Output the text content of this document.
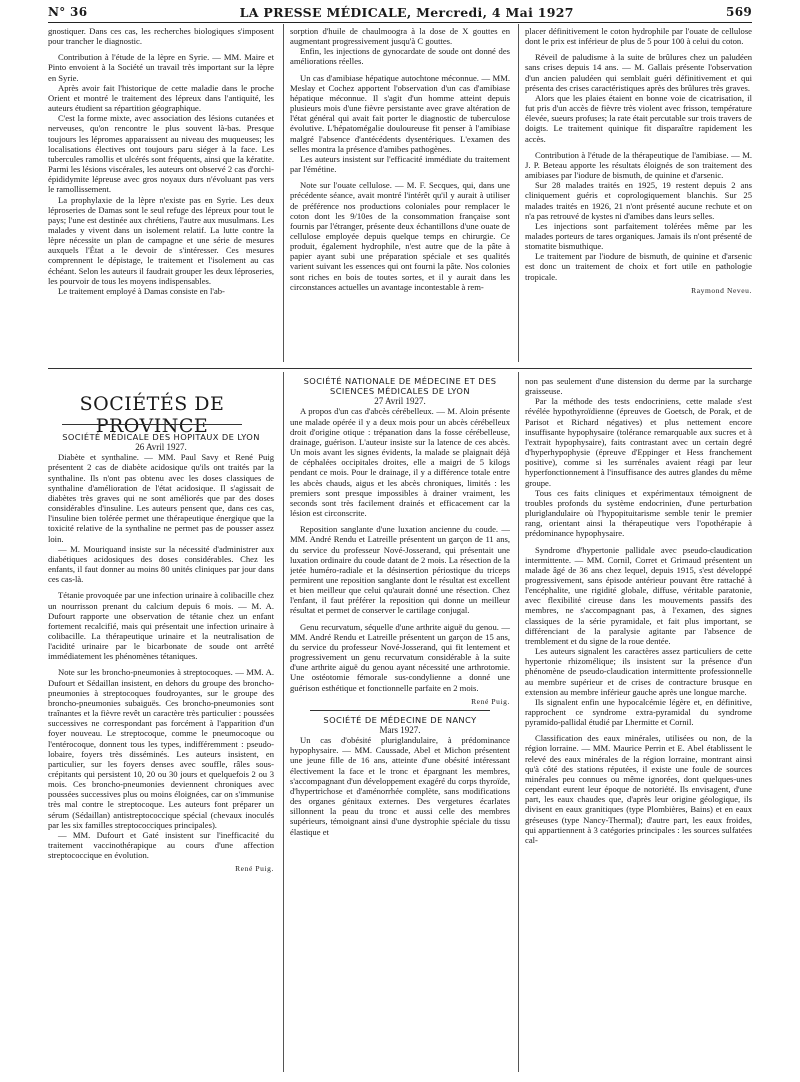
N° 36	LA PRESSE MÉDICALE, Mercredi, 4 Mai 1927	569

gnostiquer. Dans ces cas, les recherches biologiques s'imposent pour trancher le diagnostic.

Contribution à l'étude de la lèpre en Syrie. — MM. Maire et Pinto envoient à la Société un travail très important sur la lèpre en Syrie.

Après avoir fait l'historique de cette maladie dans le proche Orient et montré le traitement des lépreux dans l'antiquité, les auteurs étudient sa répartition géographique.

C'est la forme mixte, avec association des lésions cutanées et nerveuses, qu'on rencontre le plus souvent là-bas. Presque toujours les lépromes apparaissent au niveau des muqueuses; les localisations électives ont toujours paru siéger à la face. Les tubercules ramollis et ulcérés sont fréquents, ainsi que la kératite. Parmi les lésions viscérales, les auteurs ont observé 2 cas d'orchi-épididymite lépreuse avec gros noyaux durs n'évoluant pas vers le ramollissement.

La prophylaxie de la lèpre n'existe pas en Syrie. Les deux léproseries de Damas sont le seul refuge des lépreux pour tout le pays; l'une est destinée aux chrétiens, l'autre aux musulmans. Les malades y vivent dans un isolement relatif. La lutte contre la lèpre nécessite un plan de campagne et une série de mesures auxquels l'État a le devoir de s'intéresser. Ces mesures comprennent le dépistage, le traitement et l'isolement au cas échéant. Selon les auteurs il faudrait grouper les deux léproseries, les pourvoir de tous les moyens indispensables.

Le traitement employé à Damas consiste en l'ab-

sorption d'huile de chaulmoogra à la dose de X gouttes en augmentant progressivement jusqu'à C gouttes.

Enfin, les injections de gynocardate de soude ont donné des améliorations réelles.

Un cas d'amibiase hépatique autochtone méconnue. — MM. Meslay et Cochez apportent l'observation d'un cas d'amibiase hépatique méconnue. Il s'agit d'un homme atteint depuis plusieurs mois d'une fièvre persistante avec grave altération de l'état général qui avait fait porter le diagnostic de tuberculose évolutive. L'hépatomégalie douloureuse fit penser à l'amibiase malgré l'absence d'antécédents dysentériques. L'examen des selles montra la présence d'amibes pathogènes.

Les auteurs insistent sur l'efficacité immédiate du traitement par l'émétine.

Note sur l'ouate cellulose. — M. F. Secques, qui, dans une précédente séance, avait montré l'intérêt qu'il y aurait à utiliser de préférence nos productions coloniales pour remplacer le coton dont les 9/10es de la consommation française sont fournis par l'étranger, présente deux échantillons d'une ouate de cellulose employée depuis quelque temps en chirurgie. Ce produit, également hydrophile, n'est autre que de la pâte à papier ayant subi une préparation spéciale et ses qualités varient suivant les essences qui ont fourni la pâte. Nos colonies sont riches en bois de toutes sortes, et il y aurait dans les circonstances actuelles un avantage incontestable à rem-

placer définitivement le coton hydrophile par l'ouate de cellulose dont le prix est inférieur de plus de 5 pour 100 à celui du coton.

Réveil de paludisme à la suite de brûlures chez un paludéen sans crises depuis 14 ans. — M. Gallais présente l'observation d'un ancien paludéen qui semblait guéri définitivement et qui présenta des crises caractéristiques après des brûlures très graves.

Alors que les plaies étaient en bonne voie de cicatrisation, il fut pris d'un accès de fièvre très violent avec frisson, température élevée, sueurs profuses; la rate était percutable sur trois travers de doigts. Le traitement quinique fit disparaître rapidement les accès.

Contribution à l'étude de la thérapeutique de l'amibiase. — M. J. P. Beteau apporte les résultats éloignés de son traitement des amibiases par l'iodure de bismuth, de quinine et d'arsenic.

Sur 28 malades traités en 1925, 19 restent depuis 2 ans cliniquement guéris et coprologiquement blanchis. Sur 25 malades traités en 1926, 21 n'ont présenté aucune rechute et on n'a pas retrouvé de kystes ni d'amibes dans leurs selles.

Les injections sont parfaitement tolérées même par les malades porteurs de tares organiques. Jamais ils n'ont présenté de stomatite bismuthique.

Le traitement par l'iodure de bismuth, de quinine et d'arsenic est donc un traitement de choix et fort utile en pathologie tropicale.

Raymond Neveu.

SOCIÉTÉS DE PROVINCE

SOCIÉTÉ MÉDICALE DES HOPITAUX DE LYON

26 Avril 1927.

Diabète et synthaline. — MM. Paul Savy et René Puig présentent 2 cas de diabète acidosique qu'ils ont traités par la synthaline. Ils n'ont pas obtenu avec les doses classiques de synthaline d'amélioration de l'état acidosique. Il s'agissait de diabètes très graves qui ne sont améliorés que par des doses considérables d'insuline. Les auteurs pensent que, dans ces cas, l'insuline bien tolérée permet une thérapeutique énergique que la toxicité relative de la synthaline ne permet pas de pousser assez loin.

— M. Mouriquand insiste sur la nécessité d'administrer aux diabétiques acidosiques des doses considérables. Chez les enfants, il faut donner au moins 80 unités cliniques par jour dans ces cas-là.

Tétanie provoquée par une infection urinaire à colibacille chez un nourrisson prenant du calcium depuis 6 mois. — M. A. Dufourt rapporte une observation de tétanie chez un enfant fortement recalcifié, mais qui présentait une infection urinaire à colibacille. La thérapeutique urinaire et la neutralisation de l'acidité urinaire par le bicarbonate de soude ont arrêté immédiatement les phénomènes tétaniques.

Note sur les broncho-pneumonies à streptocoques. — MM. A. Dufourt et Sédaillan insistent, en dehors du groupe des broncho-pneumonies à streptocoques foudroyantes, sur le groupe des broncho-pneumonies subaiguës. Ces broncho-pneumonies sont traînantes et la fièvre revêt un caractère très particulier : poussées successives ne correspondant pas forcément à l'apparition d'un foyer nouveau. Le streptocoque, comme le pneumocoque ou l'entérocoque, donnent tous les types, indifféremment : pseudo-lobaire, foyers très disséminés. Les auteurs insistent, en particulier, sur les foyers denses avec souffle, râles sous-crépitants qui persistent 10, 20 ou 30 jours et quelquefois 2 ou 3 mois. Ces broncho-pneumonies deviennent chroniques avec poussées successives plus ou moins éloignées, car on s'immunise très mal contre le streptocoque. Les auteurs font préparer un sérum (Sédaillan) antistreptococcique spécial (chevaux inoculés par les six familles streptococciques principales).

— MM. Dufourt et Gaté insistent sur l'inefficacité du traitement vaccinothérapique au cours d'une affection streptococcique en évolution.

René Puig.

SOCIÉTÉ NATIONALE DE MÉDECINE ET DES SCIENCES MÉDICALES DE LYON

27 Avril 1927.

A propos d'un cas d'abcès cérébelleux. — M. Aloin présente une malade opérée il y a deux mois pour un abcès cérébelleux droit d'origine otique : trépanation dans la fosse cérébelleuse, drainage, guérison. L'auteur insiste sur la latence de ces abcès. Un mois avant les signes évidents, la malade se plaignait déjà de céphalées occipitales droites, elle a maigri de 5 kilogs pendant ce mois. Pour le drainage, il y a différence totale entre les abcès chauds, aigus et les abcès chroniques, limités : les premiers sont presque impossibles à drainer vraiment, les seconds sont très facilement drainés et efficacement car la lésion est circonscrite.

Reposition sanglante d'une luxation ancienne du coude. — MM. André Rendu et Latreille présentent un garçon de 11 ans, du service du professeur Nové-Josserand, qui présentait une luxation ordinaire du coude datant de 2 mois. La résection de la jetée huméro-radiale et la désinsertion périostique du triceps permirent une reposition sanglante dont le résultat est excellent et bien meilleur que celui qu'aurait donné une résection. Chez l'enfant, il faut préférer la reposition qui donne un meilleur résultat et permet de conserver le cartilage conjugal.

Genu recurvatum, séquelle d'une arthrite aiguë du genou. — MM. André Rendu et Latreille présentent un garçon de 15 ans, du service du professeur Nové-Josserand, qui fit lentement et progressivement un genu recurvatum considérable à la suite d'une arthrite aiguë du genou ayant nécessité une arthrotomie. Une ostéotomie fémorale sus-condylienne a donné une guérison esthétique et fonctionnelle parfaite en 2 mois.

René Puig.

SOCIÉTÉ DE MÉDECINE DE NANCY

Mars 1927.

Un cas d'obésité pluriglandulaire, à prédominance hypophysaire. — MM. Caussade, Abel et Michon présentent une jeune fille de 16 ans, atteinte d'une obésité intéressant électivement la face et le tronc et épargnant les membres, s'accompagnant d'un développement exagéré du corps thyroïde, d'hypertrichose et d'aménorrhée complète, sans modifications des organes génitaux externes. Des vergetures écarlates sillonnent la peau du tronc et aussi celle des membres supérieurs, témoignant ainsi d'une dystrophie spéciale du tissu élastique et

non pas seulement d'une distension du derme par la surcharge graisseuse.

Par la méthode des tests endocriniens, cette malade s'est révélée hypothyroïdienne (épreuves de Goetsch, de Porak, et de Parisot et Richard négatives) et plus nettement encore insuffisante hypophysaire (tolérance remarquable aux sucres et à l'extrait hypophysaire), faits contrastant avec un certain degré d'hyperhypophysie (épreuve d'Eppinger et Hess franchement positive), comme si les surrénales avaient réagi par leur hyperfonctionnement à l'insuffisance des autres glandes du même groupe.

Tous ces faits cliniques et expérimentaux témoignent de troubles profonds du système endocrinien, d'une perturbation pluriglandulaire où l'hypopituitarisme semble tenir le premier rang, orientant ainsi la thérapeutique vers l'opothérapie à prédominance hypophysaire.

Syndrome d'hypertonie pallidale avec pseudo-claudication intermittente. — MM. Cornil, Corret et Grimaud présentent un malade âgé de 36 ans chez lequel, depuis 1915, s'est développé progressivement, sans épisode antérieur pouvant être rattaché à l'encéphalite, une rigidité globale, diffuse, véritable paratonie, avec flexibilité cireuse dans les mouvements passifs des membres, ne s'accompagnant pas, à l'examen, des signes classiques de la série pyramidale, et fait plus important, se différenciant de la paralysie agitante par l'absence de tremblement et du signe de la roue dentée.

Les auteurs signalent les caractères assez particuliers de cette hypertonie rhizomélique; ils insistent sur la présence d'un phénomène de pseudo-claudication intermittente professionnelle au membre supérieur et de crises de contracture brusque en extension au membre inférieur gauche après une longue marche.

Ils signalent enfin une hypocalcémie légère et, en définitive, rapprochent ce syndrome extra-pyramidal du syndrome pyramido-pallidal étudié par Lhermitte et Cornil.

Classification des eaux minérales, utilisées ou non, de la région lorraine. — MM. Maurice Perrin et E. Abel établissent le relevé des eaux minérales de la région lorraine, montrant ainsi qu'à côté des stations réputées, il existe une foule de sources minérales peu connues ou même ignorées, dont quelques-unes cependant eurent leur époque de notoriété. Ils envisagent, d'une part, les eaux chaudes que, d'après leur origine géologique, ils divisent en eaux granitiques (type Plombières, Bains) et en eaux gréseuses (type Nancy-Thermal); d'autre part, les eaux froides, qui appartiennent à 3 catégories principales : les sources sulfatées cal-
